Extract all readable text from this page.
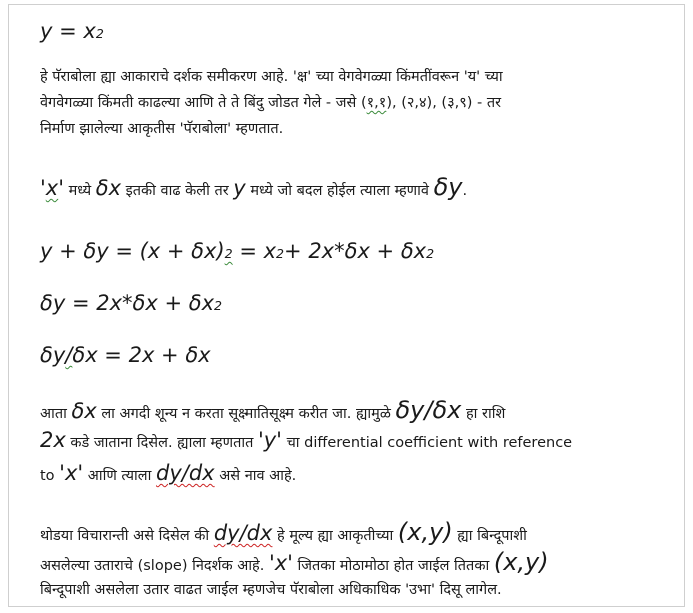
$y = x^2$
हे पॅराबोला ह्या आकाराचे दर्शक समीकरण आहे. 'क्ष' च्या वेगवेगळ्या किंमतींवरून 'य' च्या
वेगवेगळ्या किंमती काढल्या आणि ते ते बिंदु जोडत गेले - जसे (१,१), (२,४), (३,९) - तर
निर्माण झालेल्या आकृतीस 'पॅराबोला' म्हणतात.
'x' मध्ये δx इतकी वाढ केली तर y मध्ये जो बदल होईल त्याला म्हणावे δy.
$y + \delta y = (x + \delta x)^2 = x^2+ 2x*\delta x + \delta x^2$
$\delta y = 2x*\delta x + \delta x^2$
δy/δx = 2x + δx
आता δx ला अगदी शून्य न करता सूक्ष्मातिसूक्ष्म करीत जा. ह्यामुळे δy/δx हा राशि
2x कडे जाताना दिसेल. ह्याला म्हणतात 'y' चा differential coefficient with reference
to 'x' आणि त्याला dy/dx असे नाव आहे.
थोडया विचारान्ती असे दिसेल की dy/dx हे मूल्य ह्या आकृतीच्या (x,y) ह्या बिन्दूपाशी
असलेल्या उताराचे (slope) निदर्शक आहे. 'x' जितका मोठामोठा होत जाईल तितका (x,y)
बिन्दूपाशी असलेला उतार वाढत जाईल म्हणजेच पॅराबोला अधिकाधिक 'उभा' दिसू लागेल.
